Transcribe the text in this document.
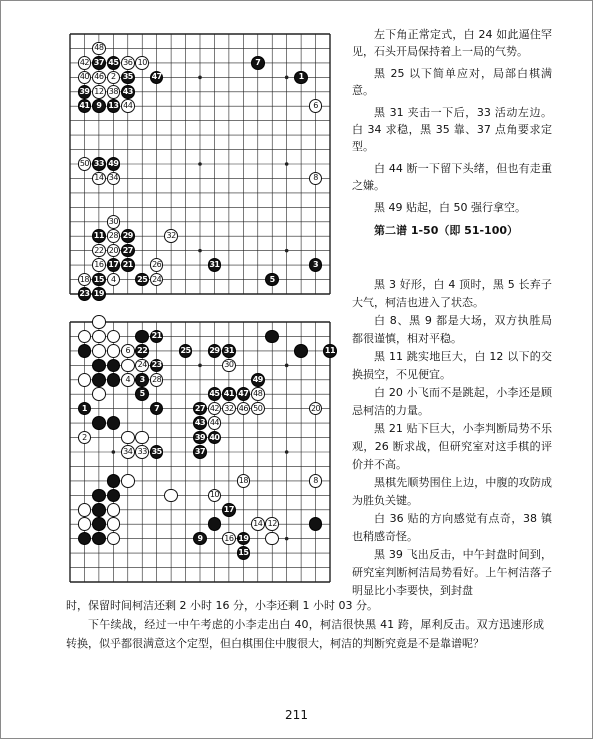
48
42 37 45 36 10	7
40 46 2 35 47	1
39 12 38 43
41 9 13 44	6
50 33 49
14 34	8
30
11 28 29	32
22 20 27
16 17 21 26	31	3
18 15 4	25 24	5
23 19
21
6 22	25 29 31	11
24 23	30
4	3 28	49
5	45 41 47 48
1	7	27 42 32 46 50	20
43 44
2	39 40
34 33 35	37
18	8
10
17
14 12
9	16 19
15

左下角正常定式，白 24 如此逼住罕见，石头开局保持着上一局的气势。

黑 25 以下简单应对，局部白棋满意。

黑 31 夹击一下后，33 活动左边。白 34 求稳，黑 35 靠、37 点角要求定型。

白 44 断一下留下头绪，但也有走重之嫌。

黑 49 贴起，白 50 强行拿空。

第二谱 1-50（即 51-100）

黑 3 好形，白 4 顶时，黑 5 长弃子大气，柯洁也进入了状态。

白 8、黑 9 都是大场，双方执胜局都很谨慎，相对平稳。

黑 11 跳实地巨大，白 12 以下的交换损空，不见便宜。

白 20 小飞而不是跳起，小李还是顾忌柯洁的力量。

黑 21 贴下巨大，小李判断局势不乐观，26 断求战，但研究室对这手棋的评价并不高。

黑棋先顺势围住上边，中腹的攻防成为胜负关键。

白 36 贴的方向感觉有点奇，38 镇也稍感奇怪。

黑 39 飞出反击，中午封盘时间到，研究室判断柯洁局势看好。上午柯洁落子明显比小李要快，到封盘

时，保留时间柯洁还剩 2 小时 16 分，小李还剩 1 小时 03 分。

下午续战，经过一中午考虑的小李走出白 40，柯洁很快黑 41 跨，犀利反击。双方迅速形成转换，似乎都很满意这个定型，但白棋围住中腹很大，柯洁的判断究竟是不是靠谱呢？

211
